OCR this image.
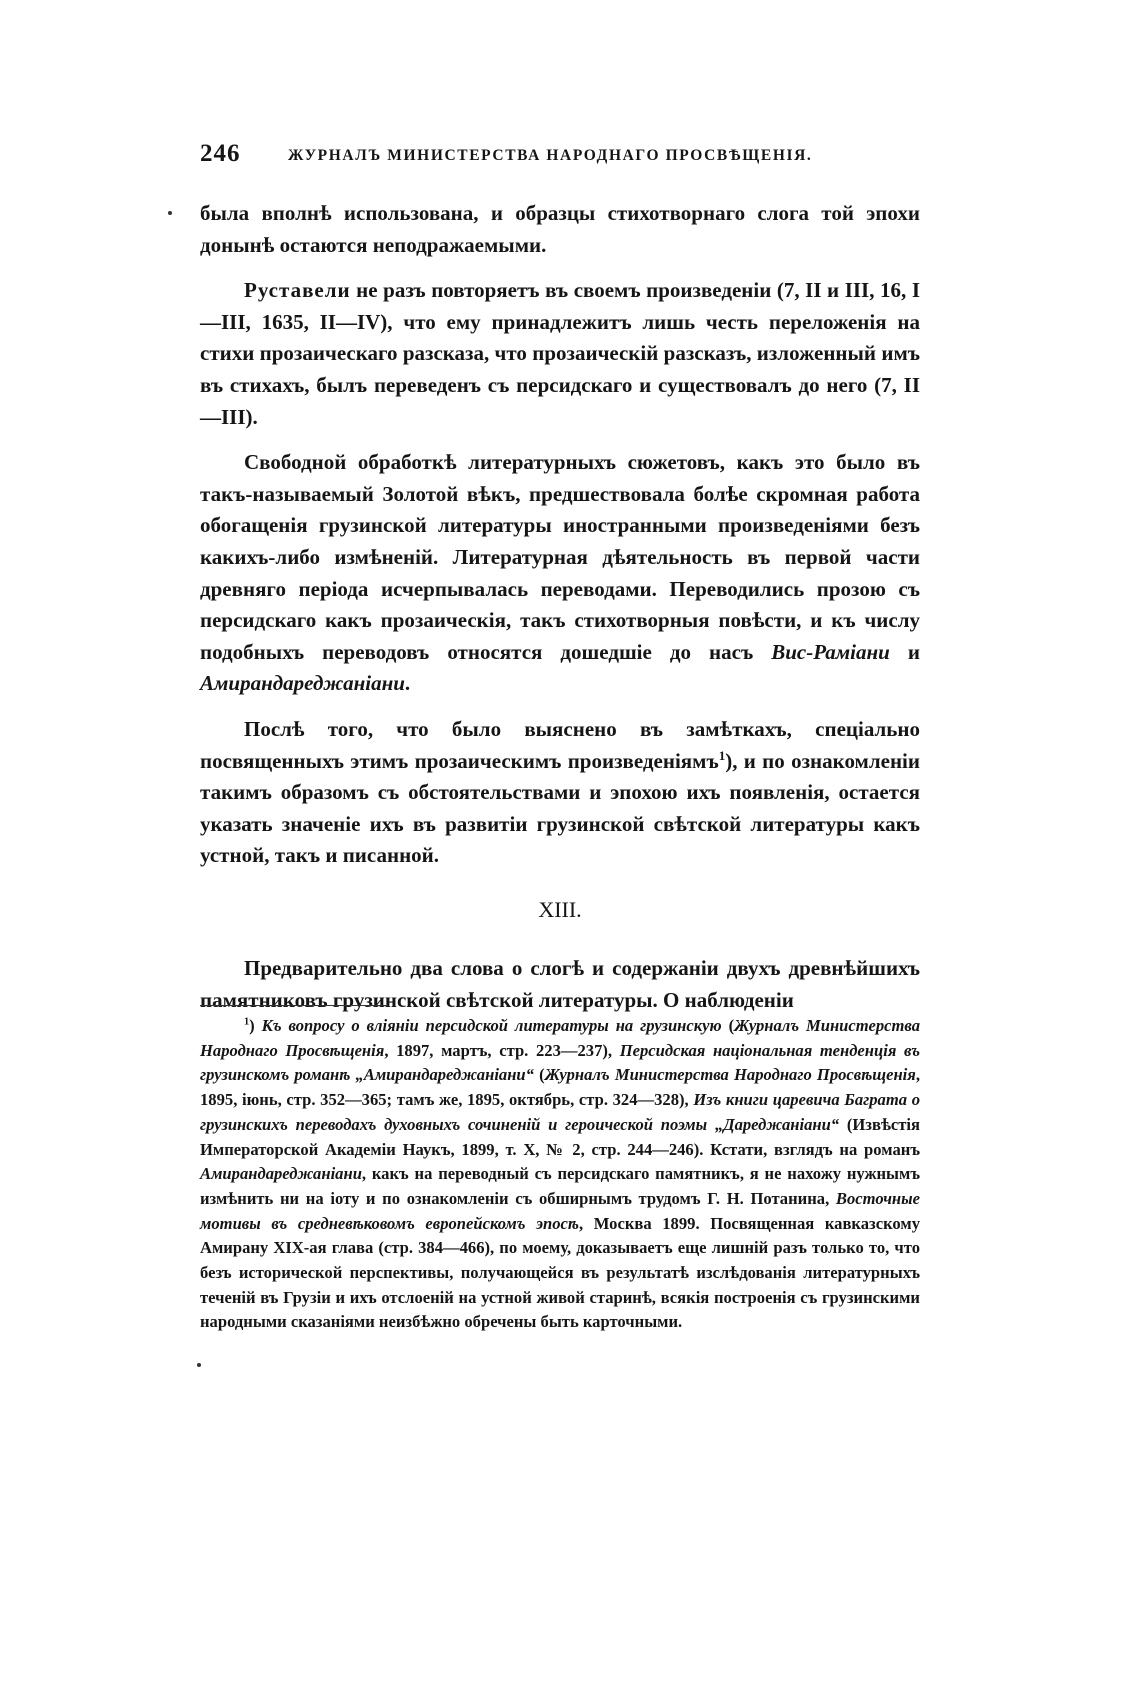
246	ЖУРНАЛЪ МИНИСТЕРСТВА НАРОДНАГО ПРОСВѢЩЕНІЯ.

была вполнѣ использована, и образцы стихотворнаго слога той эпохи донынѣ остаются неподражаемыми.

Руставели не разъ повторяетъ въ своемъ произведеніи (7, II и III, 16, I—III, 1635, II—IV), что ему принадлежитъ лишь честь переложенія на стихи прозаическаго разсказа, что прозаическій разсказъ, изложенный имъ въ стихахъ, былъ переведенъ съ персидскаго и существовалъ до него (7, II—III).

Свободной обработкѣ литературныхъ сюжетовъ, какъ это было въ такъ-называемый Золотой вѣкъ, предшествовала болѣе скромная работа обогащенія грузинской литературы иностранными произведеніями безъ какихъ-либо измѣненій. Литературная дѣятельность въ первой части древняго періода исчерпывалась переводами. Переводились прозою съ персидскаго какъ прозаическія, такъ стихотворныя повѣсти, и къ числу подобныхъ переводовъ относятся дошедшіе до насъ Вис-Раміани и Амирандареджаніани.

Послѣ того, что было выяснено въ замѣткахъ, спеціально посвященныхъ этимъ прозаическимъ произведеніямъ$^1$), и по ознакомленіи такимъ образомъ съ обстоятельствами и эпохою ихъ появленія, остается указать значеніе ихъ въ развитіи грузинской свѣтской литературы какъ устной, такъ и писанной.

XIII.

Предварительно два слова о слогѣ и содержаніи двухъ древнѣйшихъ памятниковъ грузинской свѣтской литературы. О наблюденіи

$^1$) Къ вопросу о вліяніи персидской литературы на грузинскую (Журналъ Министерства Народнаго Просвѣщенія, 1897, мартъ, стр. 223—237), Персидская національная тенденція въ грузинскомъ романѣ „Амирандареджаніани“ (Журналъ Министерства Народнаго Просвѣщенія, 1895, іюнь, стр. 352—365; тамъ же, 1895, октябрь, стр. 324—328), Изъ книги царевича Баграта о грузинскихъ переводахъ духовныхъ сочиненій и героической поэмы „Дареджаніани“ (Извѣстія Императорской Академіи Наукъ, 1899, т. X, № 2, стр. 244—246). Кстати, взглядъ на романъ Амирандареджаніани, какъ на переводный съ персидскаго памятникъ, я не нахожу нужнымъ измѣнить ни на іоту и по ознакомленіи съ обширнымъ трудомъ Г. Н. Потанина, Восточные мотивы въ средневѣковомъ европейскомъ эпосѣ, Москва 1899. Посвященная кавказскому Амирану XIX-ая глава (стр. 384—466), по моему, доказываетъ еще лишній разъ только то, что безъ исторической перспективы, получающейся въ результатѣ изслѣдованія литературныхъ теченій въ Грузіи и ихъ отслоеній на устной живой старинѣ, всякія построенія съ грузинскими народными сказаніями неизбѣжно обречены быть карточными.
